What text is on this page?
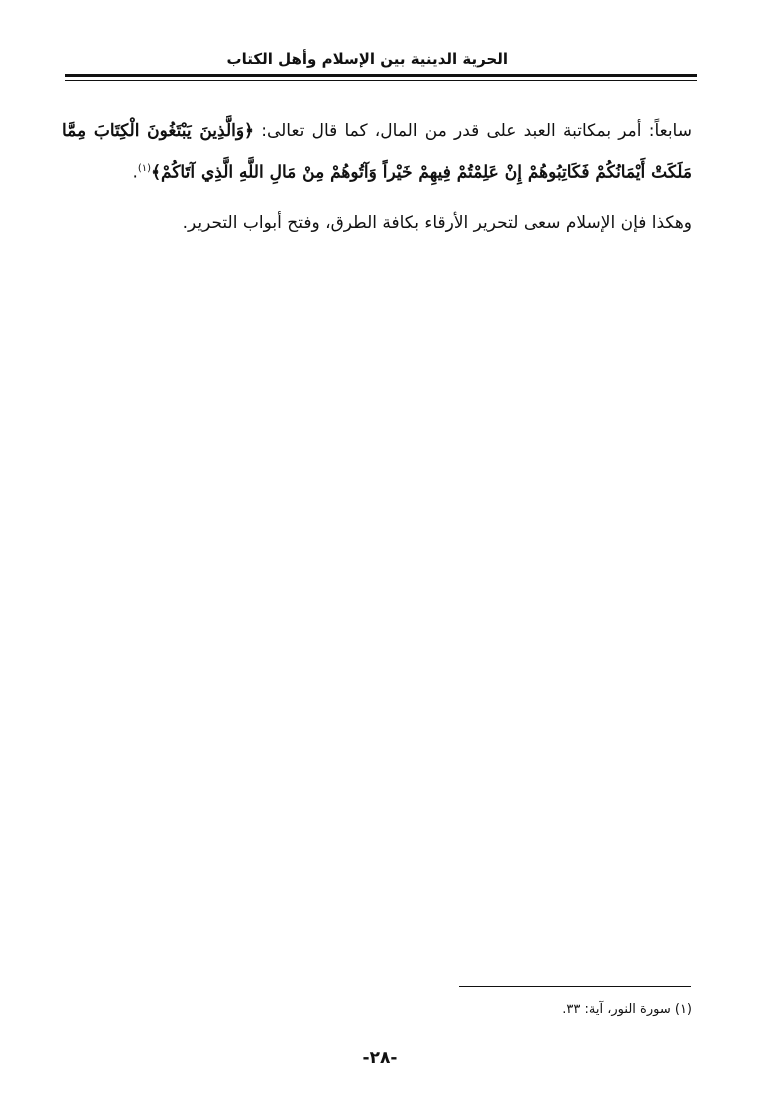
الحرية الدينية بين الإسلام وأهل الكتاب
سابعاً: أمر بمكاتبة العبد على قدر من المال، كما قال تعالى: ﴿وَالَّذِينَ يَبْتَغُونَ الْكِتَابَ مِمَّا مَلَكَتْ أَيْمَانُكُمْ فَكَاتِبُوهُمْ إِنْ عَلِمْتُمْ فِيهِمْ خَيْراً وَآتُوهُمْ مِنْ مَالِ اللَّهِ الَّذِي آتَاكُمْ﴾$^{(١)}$.
وهكذا فإن الإسلام سعى لتحرير الأرقاء بكافة الطرق، وفتح أبواب التحرير.
(١) سورة النور، آية: ٣٣.
-٢٨-
